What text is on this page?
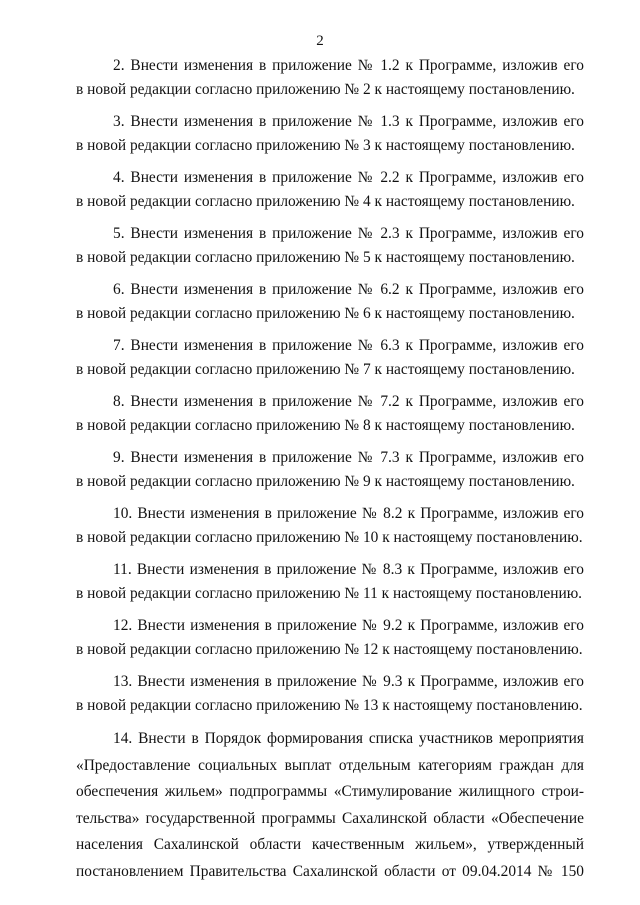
2
2. Внести изменения в приложение № 1.2 к Программе, изложив его
в новой редакции согласно приложению № 2 к настоящему постановлению.
3. Внести изменения в приложение № 1.3 к Программе, изложив его
в новой редакции согласно приложению № 3 к настоящему постановлению.
4. Внести изменения в приложение № 2.2 к Программе, изложив его
в новой редакции согласно приложению № 4 к настоящему постановлению.
5. Внести изменения в приложение № 2.3 к Программе, изложив его
в новой редакции согласно приложению № 5 к настоящему постановлению.
6. Внести изменения в приложение № 6.2 к Программе, изложив его
в новой редакции согласно приложению № 6 к настоящему постановлению.
7. Внести изменения в приложение № 6.3 к Программе, изложив его
в новой редакции согласно приложению № 7 к настоящему постановлению.
8. Внести изменения в приложение № 7.2 к Программе, изложив его
в новой редакции согласно приложению № 8 к настоящему постановлению.
9. Внести изменения в приложение № 7.3 к Программе, изложив его
в новой редакции согласно приложению № 9 к настоящему постановлению.
10. Внести изменения в приложение № 8.2 к Программе, изложив его
в новой редакции согласно приложению № 10 к настоящему постановлению.
11. Внести изменения в приложение № 8.3 к Программе, изложив его
в новой редакции согласно приложению № 11 к настоящему постановлению.
12. Внести изменения в приложение № 9.2 к Программе, изложив его
в новой редакции согласно приложению № 12 к настоящему постановлению.
13. Внести изменения в приложение № 9.3 к Программе, изложив его
в новой редакции согласно приложению № 13 к настоящему постановлению.
14. Внести в Порядок формирования списка участников мероприятия
«Предоставление социальных выплат отдельным категориям граждан для
обеспечения жильем» подпрограммы «Стимулирование жилищного строи-
тельства» государственной программы Сахалинской области «Обеспечение
населения Сахалинской области качественным жильем», утвержденный
постановлением Правительства Сахалинской области от 09.04.2014 № 150
